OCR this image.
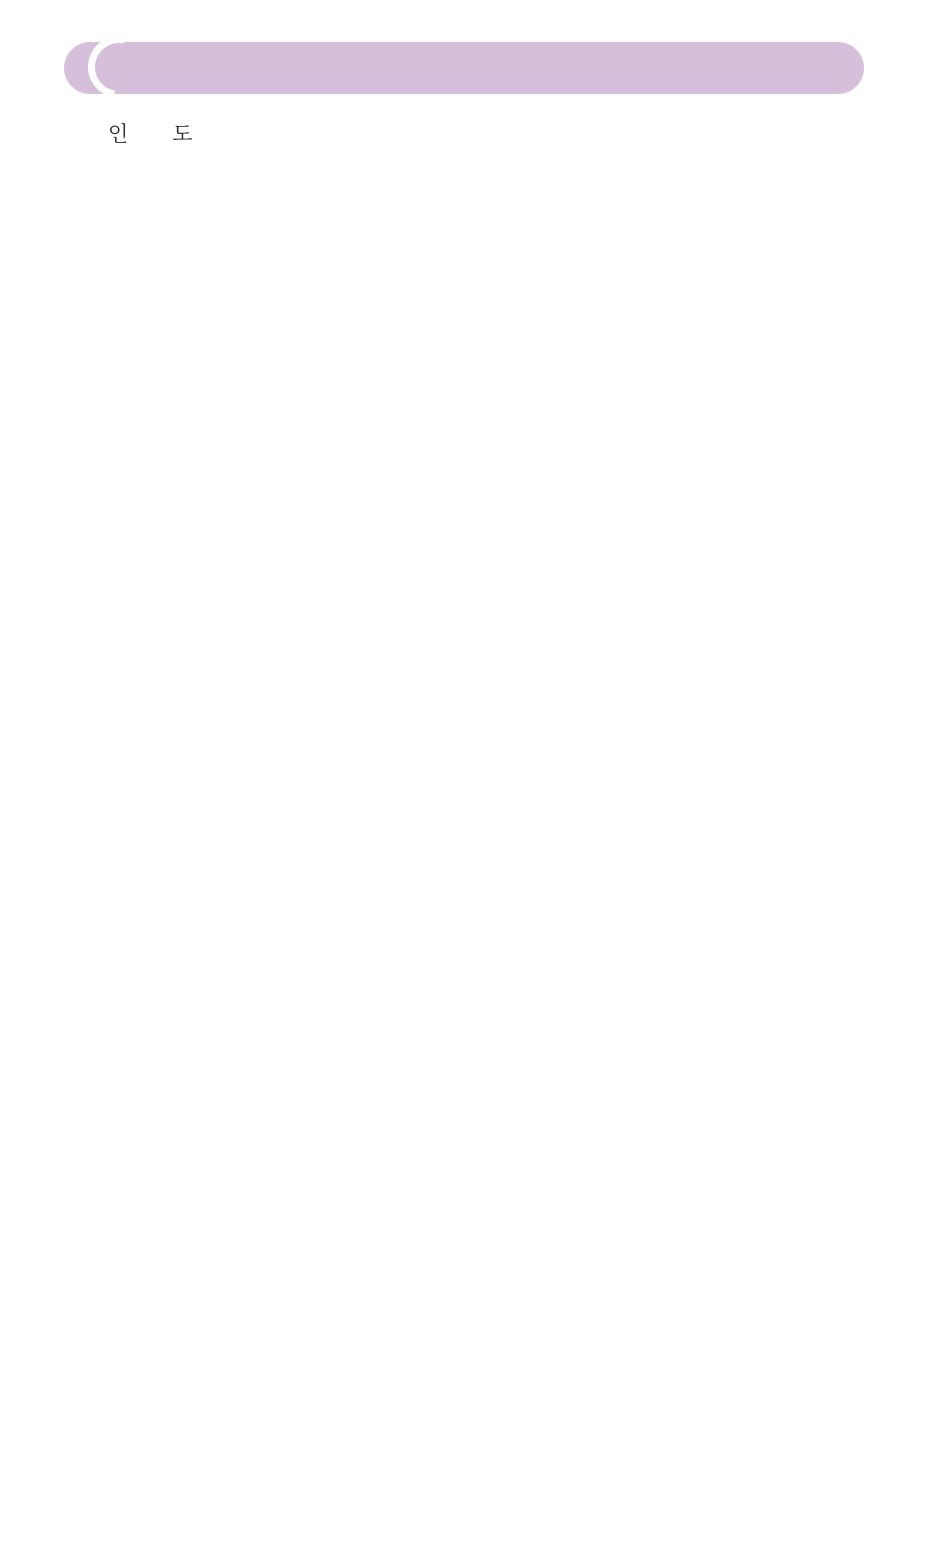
인 도
